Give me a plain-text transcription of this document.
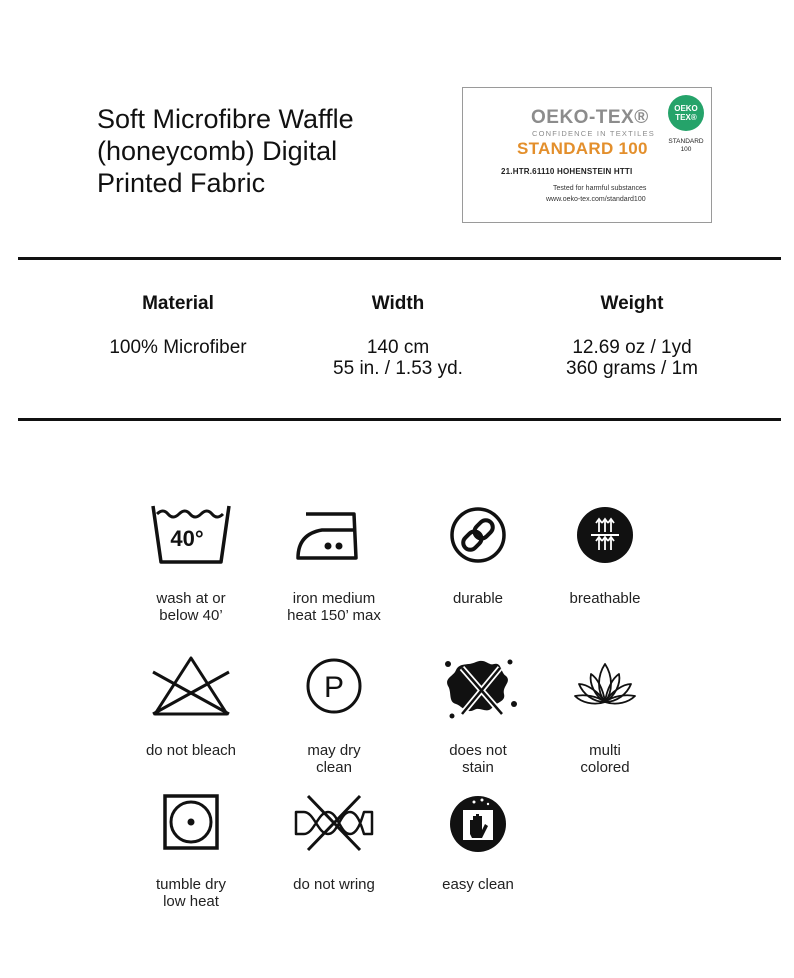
Soft Microfibre Waffle
(honeycomb) Digital
Printed Fabric
OEKO-TEX®
CONFIDENCE IN TEXTILES
STANDARD 100
21.HTR.61110 HOHENSTEIN HTTI
Tested for harmful substances
www.oeko-tex.com/standard100
OEKO
TEX®
STANDARD
100
Material
100% Microfiber
Width
140 cm
55 in. / 1.53 yd.
Weight
12.69 oz / 1yd
360 grams / 1m
40°
wash at or
below 40’
iron medium
heat 150’ max
durable	breathable
do not bleach
P
may dry
clean
does not
stain
multi
colored
tumble dry
low heat
do not wring	easy clean
